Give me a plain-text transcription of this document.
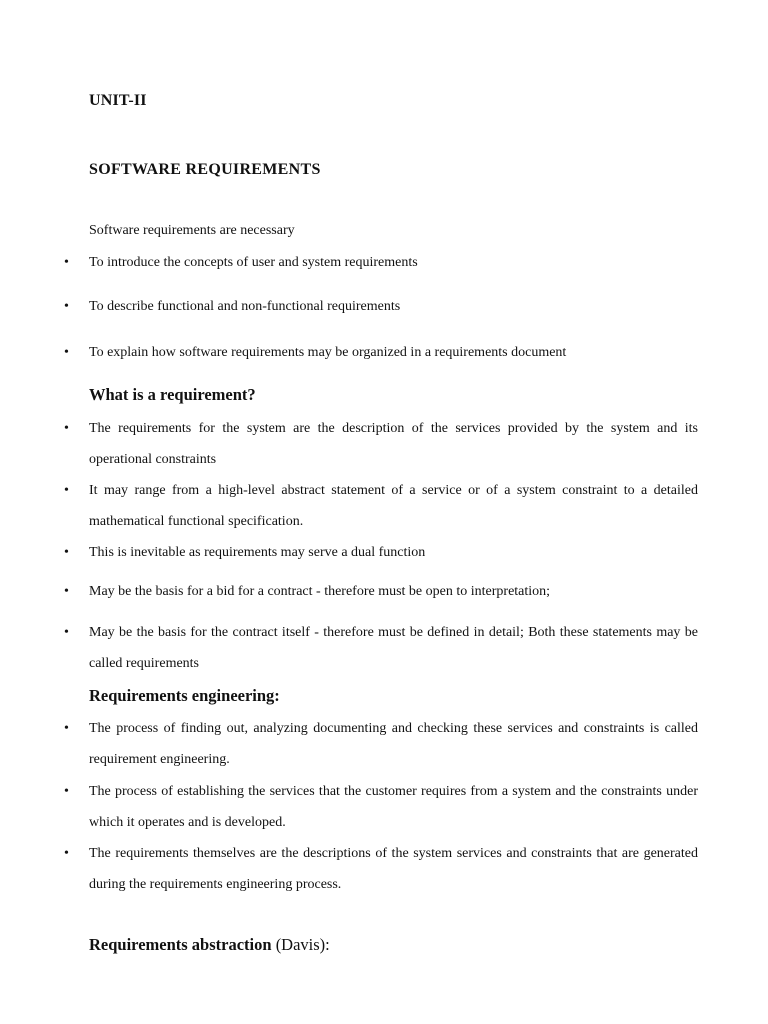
UNIT-II
SOFTWARE REQUIREMENTS
Software requirements are necessary
• To introduce the concepts of user and system requirements
• To describe functional and non-functional requirements
• To explain how software requirements may be organized in a requirements document
What is a requirement?
• The requirements for the system are the description of the services provided by the system and its operational constraints
• It may range from a high-level abstract statement of a service or of a system constraint to a detailed mathematical functional specification.
• This is inevitable as requirements may serve a dual function
• May be the basis for a bid for a contract - therefore must be open to interpretation;
• May be the basis for the contract itself - therefore must be defined in detail; Both these statements may be called requirements
Requirements engineering:
• The process of finding out, analyzing documenting and checking these services and constraints is called requirement engineering.
• The process of establishing the services that the customer requires from a system and the constraints under which it operates and is developed.
• The requirements themselves are the descriptions of the system services and constraints that are generated during the requirements engineering process.
Requirements abstraction (Davis):
